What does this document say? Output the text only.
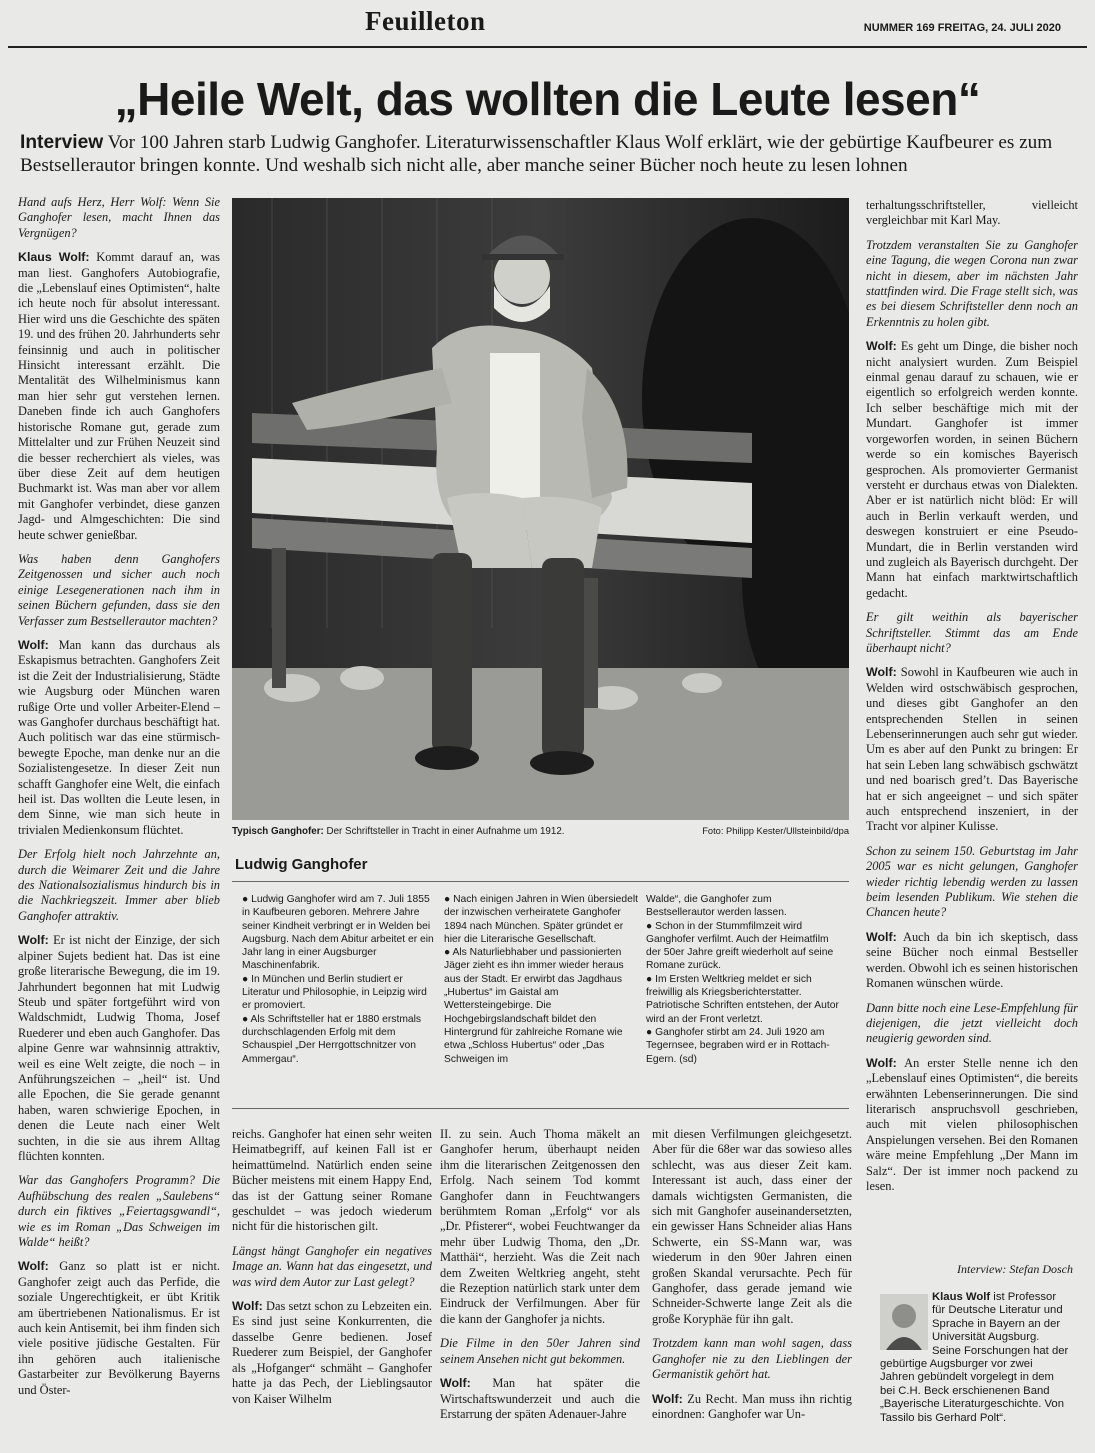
Feuilleton	NUMMER 169 FREITAG, 24. JULI 2020
„Heile Welt, das wollten die Leute lesen“
Interview Vor 100 Jahren starb Ludwig Ganghofer. Literaturwissenschaftler Klaus Wolf erklärt, wie der gebürtige Kaufbeurer es zum Bestsellerautor bringen konnte. Und weshalb sich nicht alle, aber manche seiner Bücher noch heute zu lesen lohnen

Hand aufs Herz, Herr Wolf: Wenn Sie Ganghofer lesen, macht Ihnen das Vergnügen?

Klaus Wolf: Kommt darauf an, was man liest. Ganghofers Autobiografie, die „Lebenslauf eines Optimisten“, halte ich heute noch für absolut interessant. Hier wird uns die Geschichte des späten 19. und des frühen 20. Jahrhunderts sehr feinsinnig und auch in politischer Hinsicht interessant erzählt. Die Mentalität des Wilhelminismus kann man hier sehr gut verstehen lernen. Daneben finde ich auch Ganghofers historische Romane gut, gerade zum Mittelalter und zur Frühen Neuzeit sind die besser recherchiert als vieles, was über diese Zeit auf dem heutigen Buchmarkt ist. Was man aber vor allem mit Ganghofer verbindet, diese ganzen Jagd- und Almgeschichten: Die sind heute schwer genießbar.

Was haben denn Ganghofers Zeitgenossen und sicher auch noch einige Lesegenerationen nach ihm in seinen Büchern gefunden, dass sie den Verfasser zum Bestsellerautor machten?

Wolf: Man kann das durchaus als Eskapismus betrachten. Ganghofers Zeit ist die Zeit der Industrialisierung, Städte wie Augsburg oder München waren rußige Orte und voller Arbeiter-Elend – was Ganghofer durchaus beschäftigt hat. Auch politisch war das eine stürmisch-bewegte Epoche, man denke nur an die Sozialistengesetze. In dieser Zeit nun schafft Ganghofer eine Welt, die einfach heil ist. Das wollten die Leute lesen, in dem Sinne, wie man sich heute in trivialen Medienkonsum flüchtet.

Der Erfolg hielt noch Jahrzehnte an, durch die Weimarer Zeit und die Jahre des Nationalsozialismus hindurch bis in die Nachkriegszeit. Immer aber blieb Ganghofer attraktiv.

Wolf: Er ist nicht der Einzige, der sich alpiner Sujets bedient hat. Das ist eine große literarische Bewegung, die im 19. Jahrhundert begonnen hat mit Ludwig Steub und später fortgeführt wird von Waldschmidt, Ludwig Thoma, Josef Ruederer und eben auch Ganghofer. Das alpine Genre war wahnsinnig attraktiv, weil es eine Welt zeigte, die noch – in Anführungszeichen – „heil“ ist. Und alle Epochen, die Sie gerade genannt haben, waren schwierige Epochen, in denen die Leute nach einer Welt suchten, in die sie aus ihrem Alltag flüchten konnten.

War das Ganghofers Programm? Die Aufhübschung des realen „Saulebens“ durch ein fiktives „Feiertagsgwandl“, wie es im Roman „Das Schweigen im Walde“ heißt?

Wolf: Ganz so platt ist er nicht. Ganghofer zeigt auch das Perfide, die soziale Ungerechtigkeit, er übt Kritik am übertriebenen Nationalismus. Er ist auch kein Antisemit, bei ihm finden sich viele positive jüdische Gestalten. Für ihn gehören auch italienische Gastarbeiter zur Bevölkerung Bayerns und Öster-

Typisch Ganghofer: Der Schriftsteller in Tracht in einer Aufnahme um 1912.	Foto: Philipp Kester/Ullsteinbild/dpa
Ludwig Ganghofer

● Ludwig Ganghofer wird am 7. Juli 1855 in Kaufbeuren geboren. Mehrere Jahre seiner Kindheit verbringt er in Welden bei Augsburg. Nach dem Abitur arbeitet er ein Jahr lang in einer Augsburger Maschinenfabrik.

● In München und Berlin studiert er Literatur und Philosophie, in Leipzig wird er promoviert.

● Als Schriftsteller hat er 1880 erstmals durchschlagenden Erfolg mit dem Schauspiel „Der Herrgottschnitzer von Ammergau“.

● Nach einigen Jahren in Wien übersiedelt der inzwischen verheiratete Ganghofer 1894 nach München. Später gründet er hier die Literarische Gesellschaft.

● Als Naturliebhaber und passionierten Jäger zieht es ihn immer wieder heraus aus der Stadt. Er erwirbt das Jagdhaus „Hubertus“ im Gaistal am Wettersteingebirge. Die Hochgebirgslandschaft bildet den Hintergrund für zahlreiche Romane wie etwa „Schloss Hubertus“ oder „Das Schweigen im

Walde“, die Ganghofer zum Bestsellerautor werden lassen.

● Schon in der Stummfilmzeit wird Ganghofer verfilmt. Auch der Heimatfilm der 50er Jahre greift wiederholt auf seine Romane zurück.

● Im Ersten Weltkrieg meldet er sich freiwillig als Kriegsberichterstatter. Patriotische Schriften entstehen, der Autor wird an der Front verletzt.

● Ganghofer stirbt am 24. Juli 1920 am Tegernsee, begraben wird er in Rottach-Egern. (sd)

reichs. Ganghofer hat einen sehr weiten Heimatbegriff, auf keinen Fall ist er heimattümelnd. Natürlich enden seine Bücher meistens mit einem Happy End, das ist der Gattung seiner Romane geschuldet – was jedoch wiederum nicht für die historischen gilt.

Längst hängt Ganghofer ein negatives Image an. Wann hat das eingesetzt, und was wird dem Autor zur Last gelegt?

Wolf: Das setzt schon zu Lebzeiten ein. Es sind just seine Konkurrenten, die dasselbe Genre bedienen. Josef Ruederer zum Beispiel, der Ganghofer als „Hofganger“ schmäht – Ganghofer hatte ja das Pech, der Lieblingsautor von Kaiser Wilhelm

II. zu sein. Auch Thoma mäkelt an Ganghofer herum, überhaupt neiden ihm die literarischen Zeitgenossen den Erfolg. Nach seinem Tod kommt Ganghofer dann in Feuchtwangers berühmtem Roman „Erfolg“ vor als „Dr. Pfisterer“, wobei Feuchtwanger da mehr über Ludwig Thoma, den „Dr. Matthäi“, herzieht. Was die Zeit nach dem Zweiten Weltkrieg angeht, steht die Rezeption natürlich stark unter dem Eindruck der Verfilmungen. Aber für die kann der Ganghofer ja nichts.

Die Filme in den 50er Jahren sind seinem Ansehen nicht gut bekommen.

Wolf: Man hat später die Wirtschaftswunderzeit und auch die Erstarrung der späten Adenauer-Jahre

mit diesen Verfilmungen gleichgesetzt. Aber für die 68er war das sowieso alles schlecht, was aus dieser Zeit kam. Interessant ist auch, dass einer der damals wichtigsten Germanisten, die sich mit Ganghofer auseinandersetzten, ein gewisser Hans Schneider alias Hans Schwerte, ein SS-Mann war, was wiederum in den 90er Jahren einen großen Skandal verursachte. Pech für Ganghofer, dass gerade jemand wie Schneider-Schwerte lange Zeit als die große Koryphäe für ihn galt.

Trotzdem kann man wohl sagen, dass Ganghofer nie zu den Lieblingen der Germanistik gehört hat.

Wolf: Zu Recht. Man muss ihn richtig einordnen: Ganghofer war Un-

terhaltungsschriftsteller, vielleicht vergleichbar mit Karl May.

Trotzdem veranstalten Sie zu Ganghofer eine Tagung, die wegen Corona nun zwar nicht in diesem, aber im nächsten Jahr stattfinden wird. Die Frage stellt sich, was es bei diesem Schriftsteller denn noch an Erkenntnis zu holen gibt.

Wolf: Es geht um Dinge, die bisher noch nicht analysiert wurden. Zum Beispiel einmal genau darauf zu schauen, wie er eigentlich so erfolgreich werden konnte. Ich selber beschäftige mich mit der Mundart. Ganghofer ist immer vorgeworfen worden, in seinen Büchern werde so ein komisches Bayerisch gesprochen. Als promovierter Germanist versteht er durchaus etwas von Dialekten. Aber er ist natürlich nicht blöd: Er will auch in Berlin verkauft werden, und deswegen konstruiert er eine Pseudo-Mundart, die in Berlin verstanden wird und zugleich als Bayerisch durchgeht. Der Mann hat einfach marktwirtschaftlich gedacht.

Er gilt weithin als bayerischer Schriftsteller. Stimmt das am Ende überhaupt nicht?

Wolf: Sowohl in Kaufbeuren wie auch in Welden wird ostschwäbisch gesprochen, und dieses gibt Ganghofer an den entsprechenden Stellen in seinen Lebenserinnerungen auch sehr gut wieder. Um es aber auf den Punkt zu bringen: Er hat sein Leben lang schwäbisch gschwätzt und ned boarisch gred’t. Das Bayerische hat er sich angeeignet – und sich später auch entsprechend inszeniert, in der Tracht vor alpiner Kulisse.

Schon zu seinem 150. Geburtstag im Jahr 2005 war es nicht gelungen, Ganghofer wieder richtig lebendig werden zu lassen beim lesenden Publikum. Wie stehen die Chancen heute?

Wolf: Auch da bin ich skeptisch, dass seine Bücher noch einmal Bestseller werden. Obwohl ich es seinen historischen Romanen wünschen würde.

Dann bitte noch eine Lese-Empfehlung für diejenigen, die jetzt vielleicht doch neugierig geworden sind.

Wolf: An erster Stelle nenne ich den „Lebenslauf eines Optimisten“, die bereits erwähnten Lebenserinnerungen. Die sind literarisch anspruchsvoll geschrieben, auch mit vielen philosophischen Anspielungen versehen. Bei den Romanen wäre meine Empfehlung „Der Mann im Salz“. Der ist immer noch packend zu lesen.

Interview: Stefan Dosch
Klaus Wolf ist Professor für Deutsche Literatur und Sprache in Bayern an der Universität Augsburg. Seine Forschungen hat der gebürtige Augsburger vor zwei Jahren gebündelt vorgelegt in dem bei C.H. Beck erschienenen Band „Bayerische Literaturgeschichte. Von Tassilo bis Gerhard Polt“.
